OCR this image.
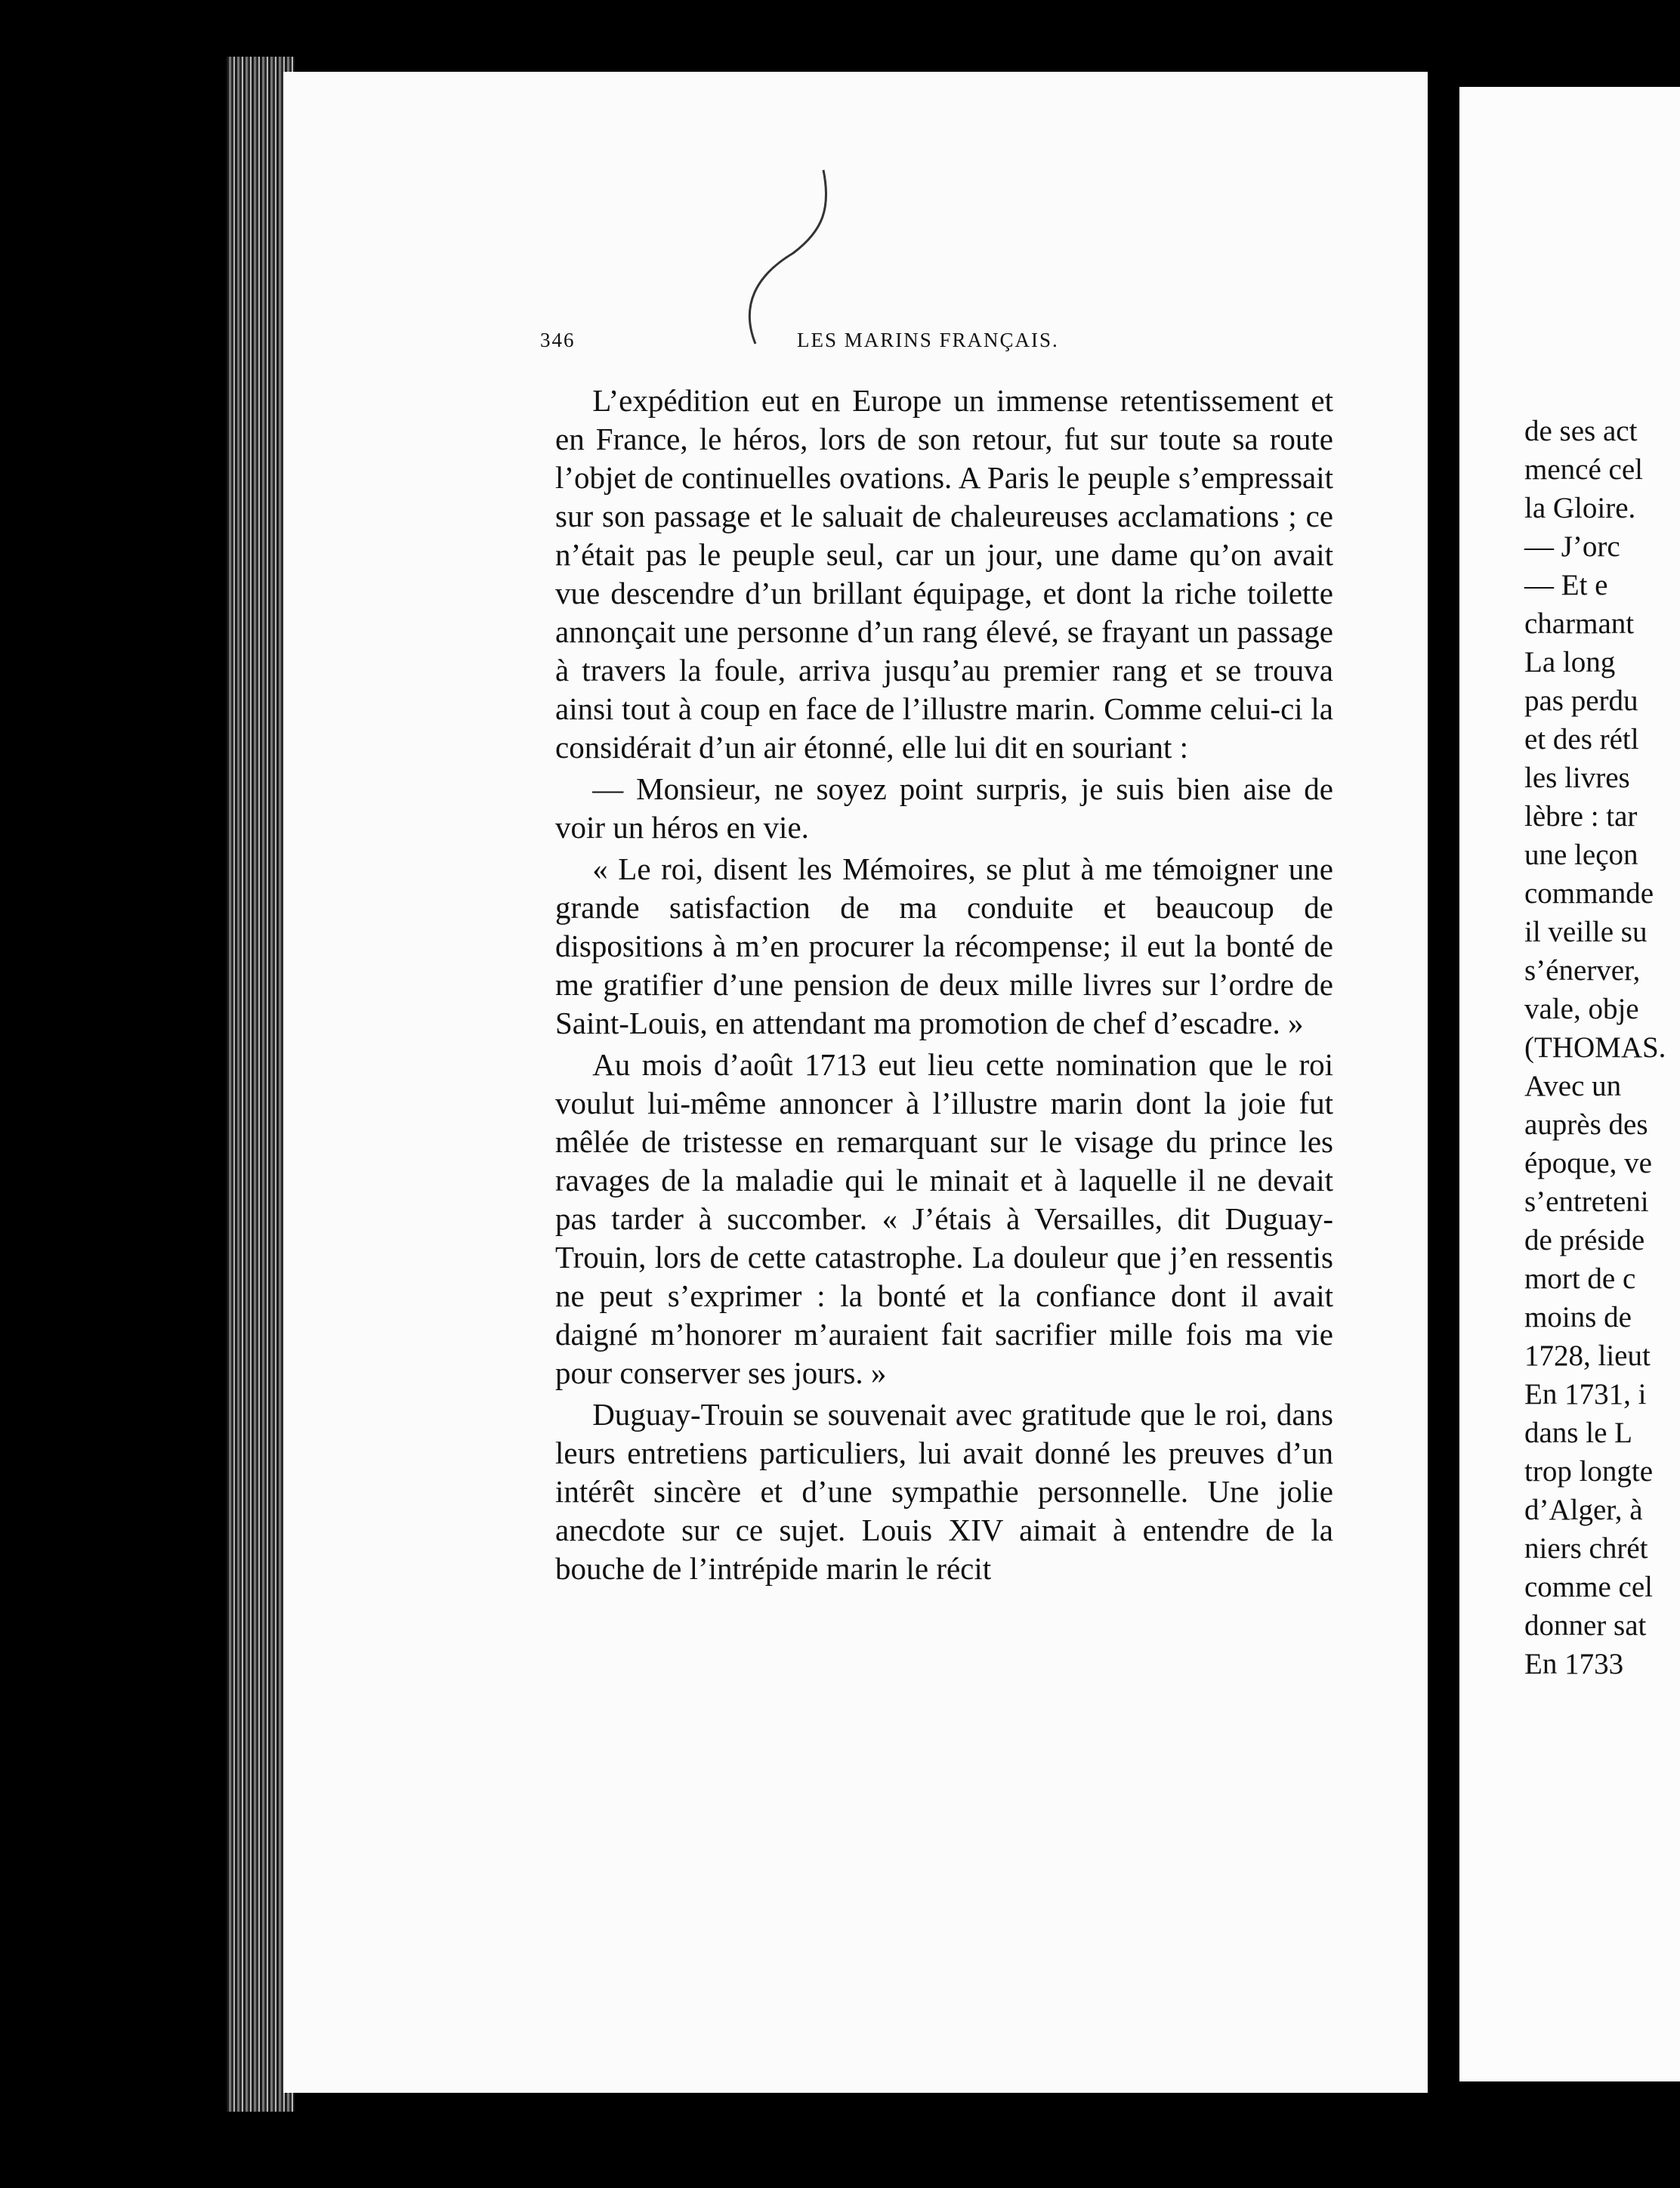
346	LES MARINS FRANÇAIS.

L’expédition eut en Europe un immense retentissement et en France, le héros, lors de son retour, fut sur toute sa route l’objet de continuelles ovations. A Paris le peuple s’empressait sur son passage et le saluait de chaleureuses acclamations ; ce n’était pas le peuple seul, car un jour, une dame qu’on avait vue descendre d’un brillant équipage, et dont la riche toilette annonçait une personne d’un rang élevé, se frayant un passage à travers la foule, arriva jusqu’au premier rang et se trouva ainsi tout à coup en face de l’illustre marin. Comme celui-ci la considérait d’un air étonné, elle lui dit en souriant :

— Monsieur, ne soyez point surpris, je suis bien aise de voir un héros en vie.

« Le roi, disent les Mémoires, se plut à me témoigner une grande satisfaction de ma conduite et beaucoup de dispositions à m’en procurer la récompense; il eut la bonté de me gratifier d’une pension de deux mille livres sur l’ordre de Saint-Louis, en attendant ma promotion de chef d’escadre. »

Au mois d’août 1713 eut lieu cette nomination que le roi voulut lui-même annoncer à l’illustre marin dont la joie fut mêlée de tristesse en remarquant sur le visage du prince les ravages de la maladie qui le minait et à laquelle il ne devait pas tarder à succomber. « J’étais à Versailles, dit Duguay-Trouin, lors de cette catastrophe. La douleur que j’en ressentis ne peut s’exprimer : la bonté et la confiance dont il avait daigné m’honorer m’auraient fait sacrifier mille fois ma vie pour conserver ses jours. »

Duguay-Trouin se souvenait avec gratitude que le roi, dans leurs entretiens particuliers, lui avait donné les preuves d’un intérêt sincère et d’une sympathie personnelle. Une jolie anecdote sur ce sujet. Louis XIV aimait à entendre de la bouche de l’intrépide marin le récit

de ses act
mencé cel
la Gloire.
— J’orc
— Et e
charmant
La long
pas perdu
et des rétl
les livres
lèbre : tar
une leçon
commande
il veille su
s’énerver,
vale, obje
(THOMAS.
Avec un
auprès des
époque, ve
s’entreteni
de préside
mort de c
moins de
1728, lieut
En 1731, i
dans le L
trop longte
d’Alger, à
niers chrét
comme cel
donner sat
En 1733
